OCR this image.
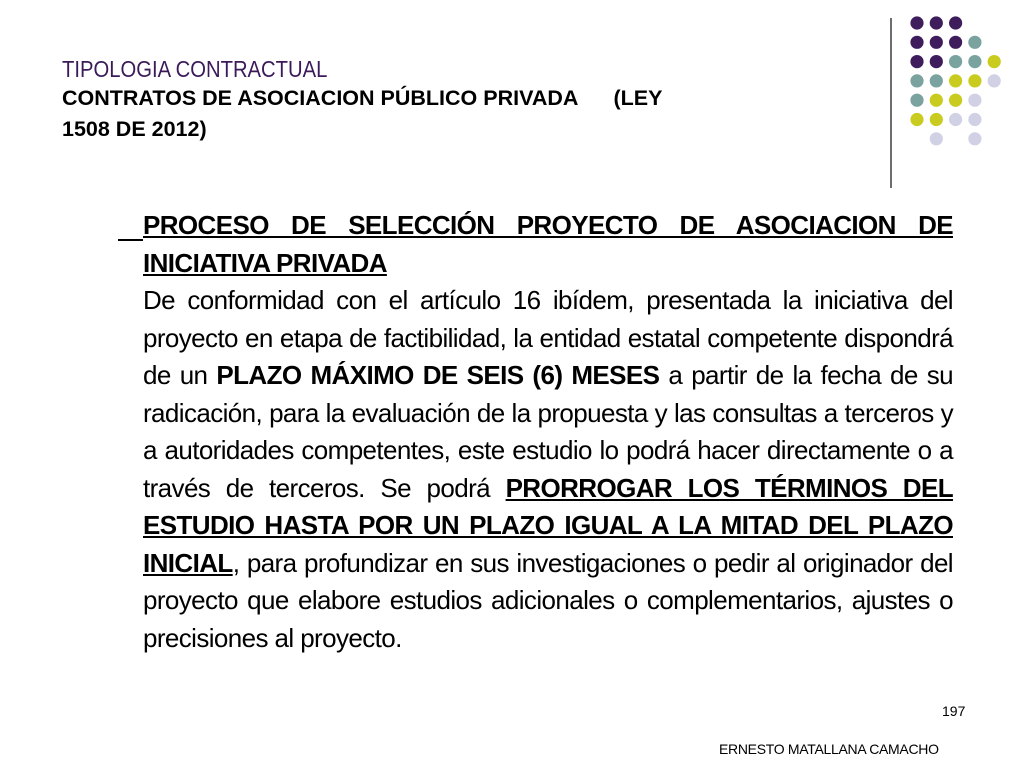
TIPOLOGIA CONTRACTUAL
CONTRATOS DE ASOCIACION PÚBLICO PRIVADA      (LEY
1508 DE 2012)
PROCESO DE SELECCIÓN PROYECTO DE ASOCIACION DE INICIATIVA PRIVADA
De conformidad con el artículo 16 ibídem, presentada la iniciativa del proyecto en etapa de factibilidad, la entidad estatal competente dispondrá de un PLAZO MÁXIMO DE SEIS (6) MESES a partir de la fecha de su radicación, para la evaluación de la propuesta y las consultas a terceros y a autoridades competentes, este estudio lo podrá hacer directamente o a través de terceros. Se podrá PRORROGAR LOS TÉRMINOS DEL ESTUDIO HASTA POR UN PLAZO IGUAL A LA MITAD DEL PLAZO INICIAL, para profundizar en sus investigaciones o pedir al originador del proyecto que elabore estudios adicionales o complementarios, ajustes o precisiones al proyecto.
197
ERNESTO MATALLANA CAMACHO
